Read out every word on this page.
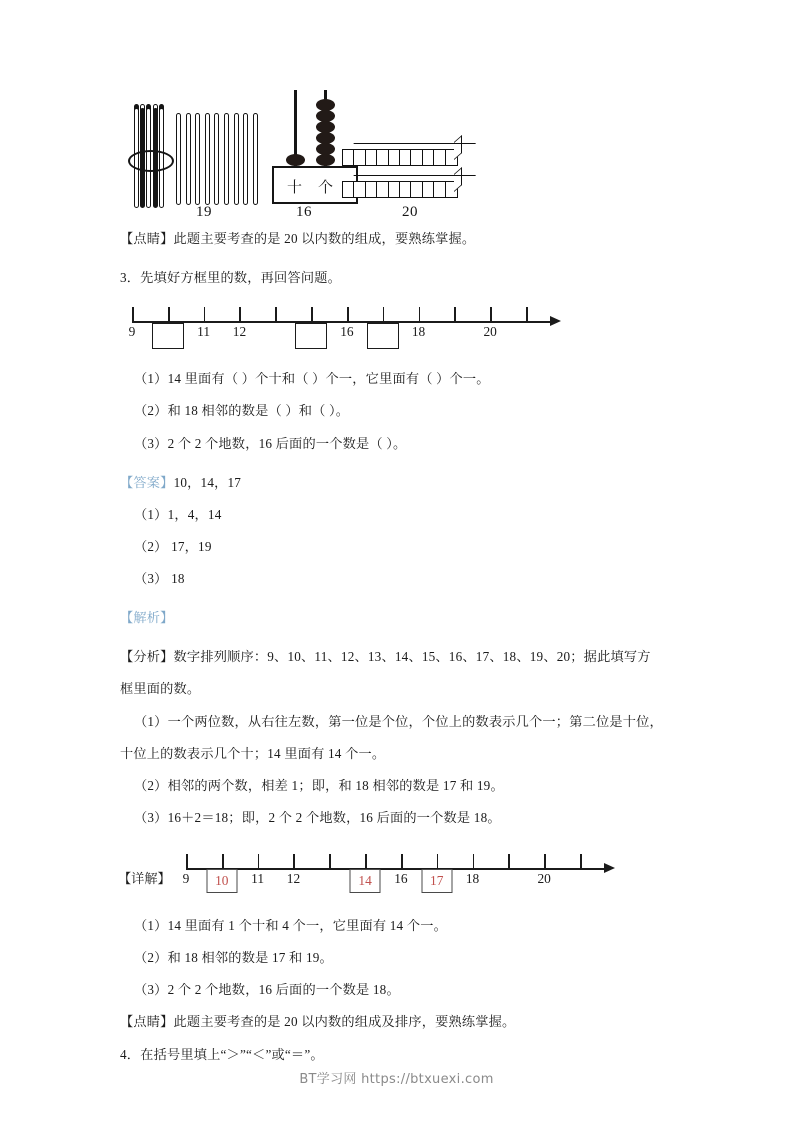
19
十 个
16	20
【点睛】此题主要考查的是 20 以内数的组成，要熟练掌握。
3．先填好方框里的数，再回答问题。
9	11 12	16	18	20
（1）14 里面有（ ）个十和（ ）个一，它里面有（ ）个一。
（2）和 18 相邻的数是（ ）和（ ）。
（3）2 个 2 个地数，16 后面的一个数是（ ）。
【答案】10，14，17
（1）1，4，14
（2） 17，19
（3） 18
【解析】
【分析】数字排列顺序：9、10、11、12、13、14、15、16、17、18、19、20；据此填写方
框里面的数。
（1）一个两位数，从右往左数，第一位是个位，个位上的数表示几个一；第二位是十位，
十位上的数表示几个十；14 里面有 14 个一。
（2）相邻的两个数，相差 1；即，和 18 相邻的数是 17 和 19。
（3）16＋2＝18；即，2 个 2 个地数，16 后面的一个数是 18。
【详解】 9	11 12	16	18	20
10	14	17
（1）14 里面有 1 个十和 4 个一，它里面有 14 个一。
（2）和 18 相邻的数是 17 和 19。
（3）2 个 2 个地数，16 后面的一个数是 18。
【点睛】此题主要考查的是 20 以内数的组成及排序，要熟练掌握。
4．在括号里填上“＞”“＜”或“＝”。
BT学习网 https://btxuexi.com
